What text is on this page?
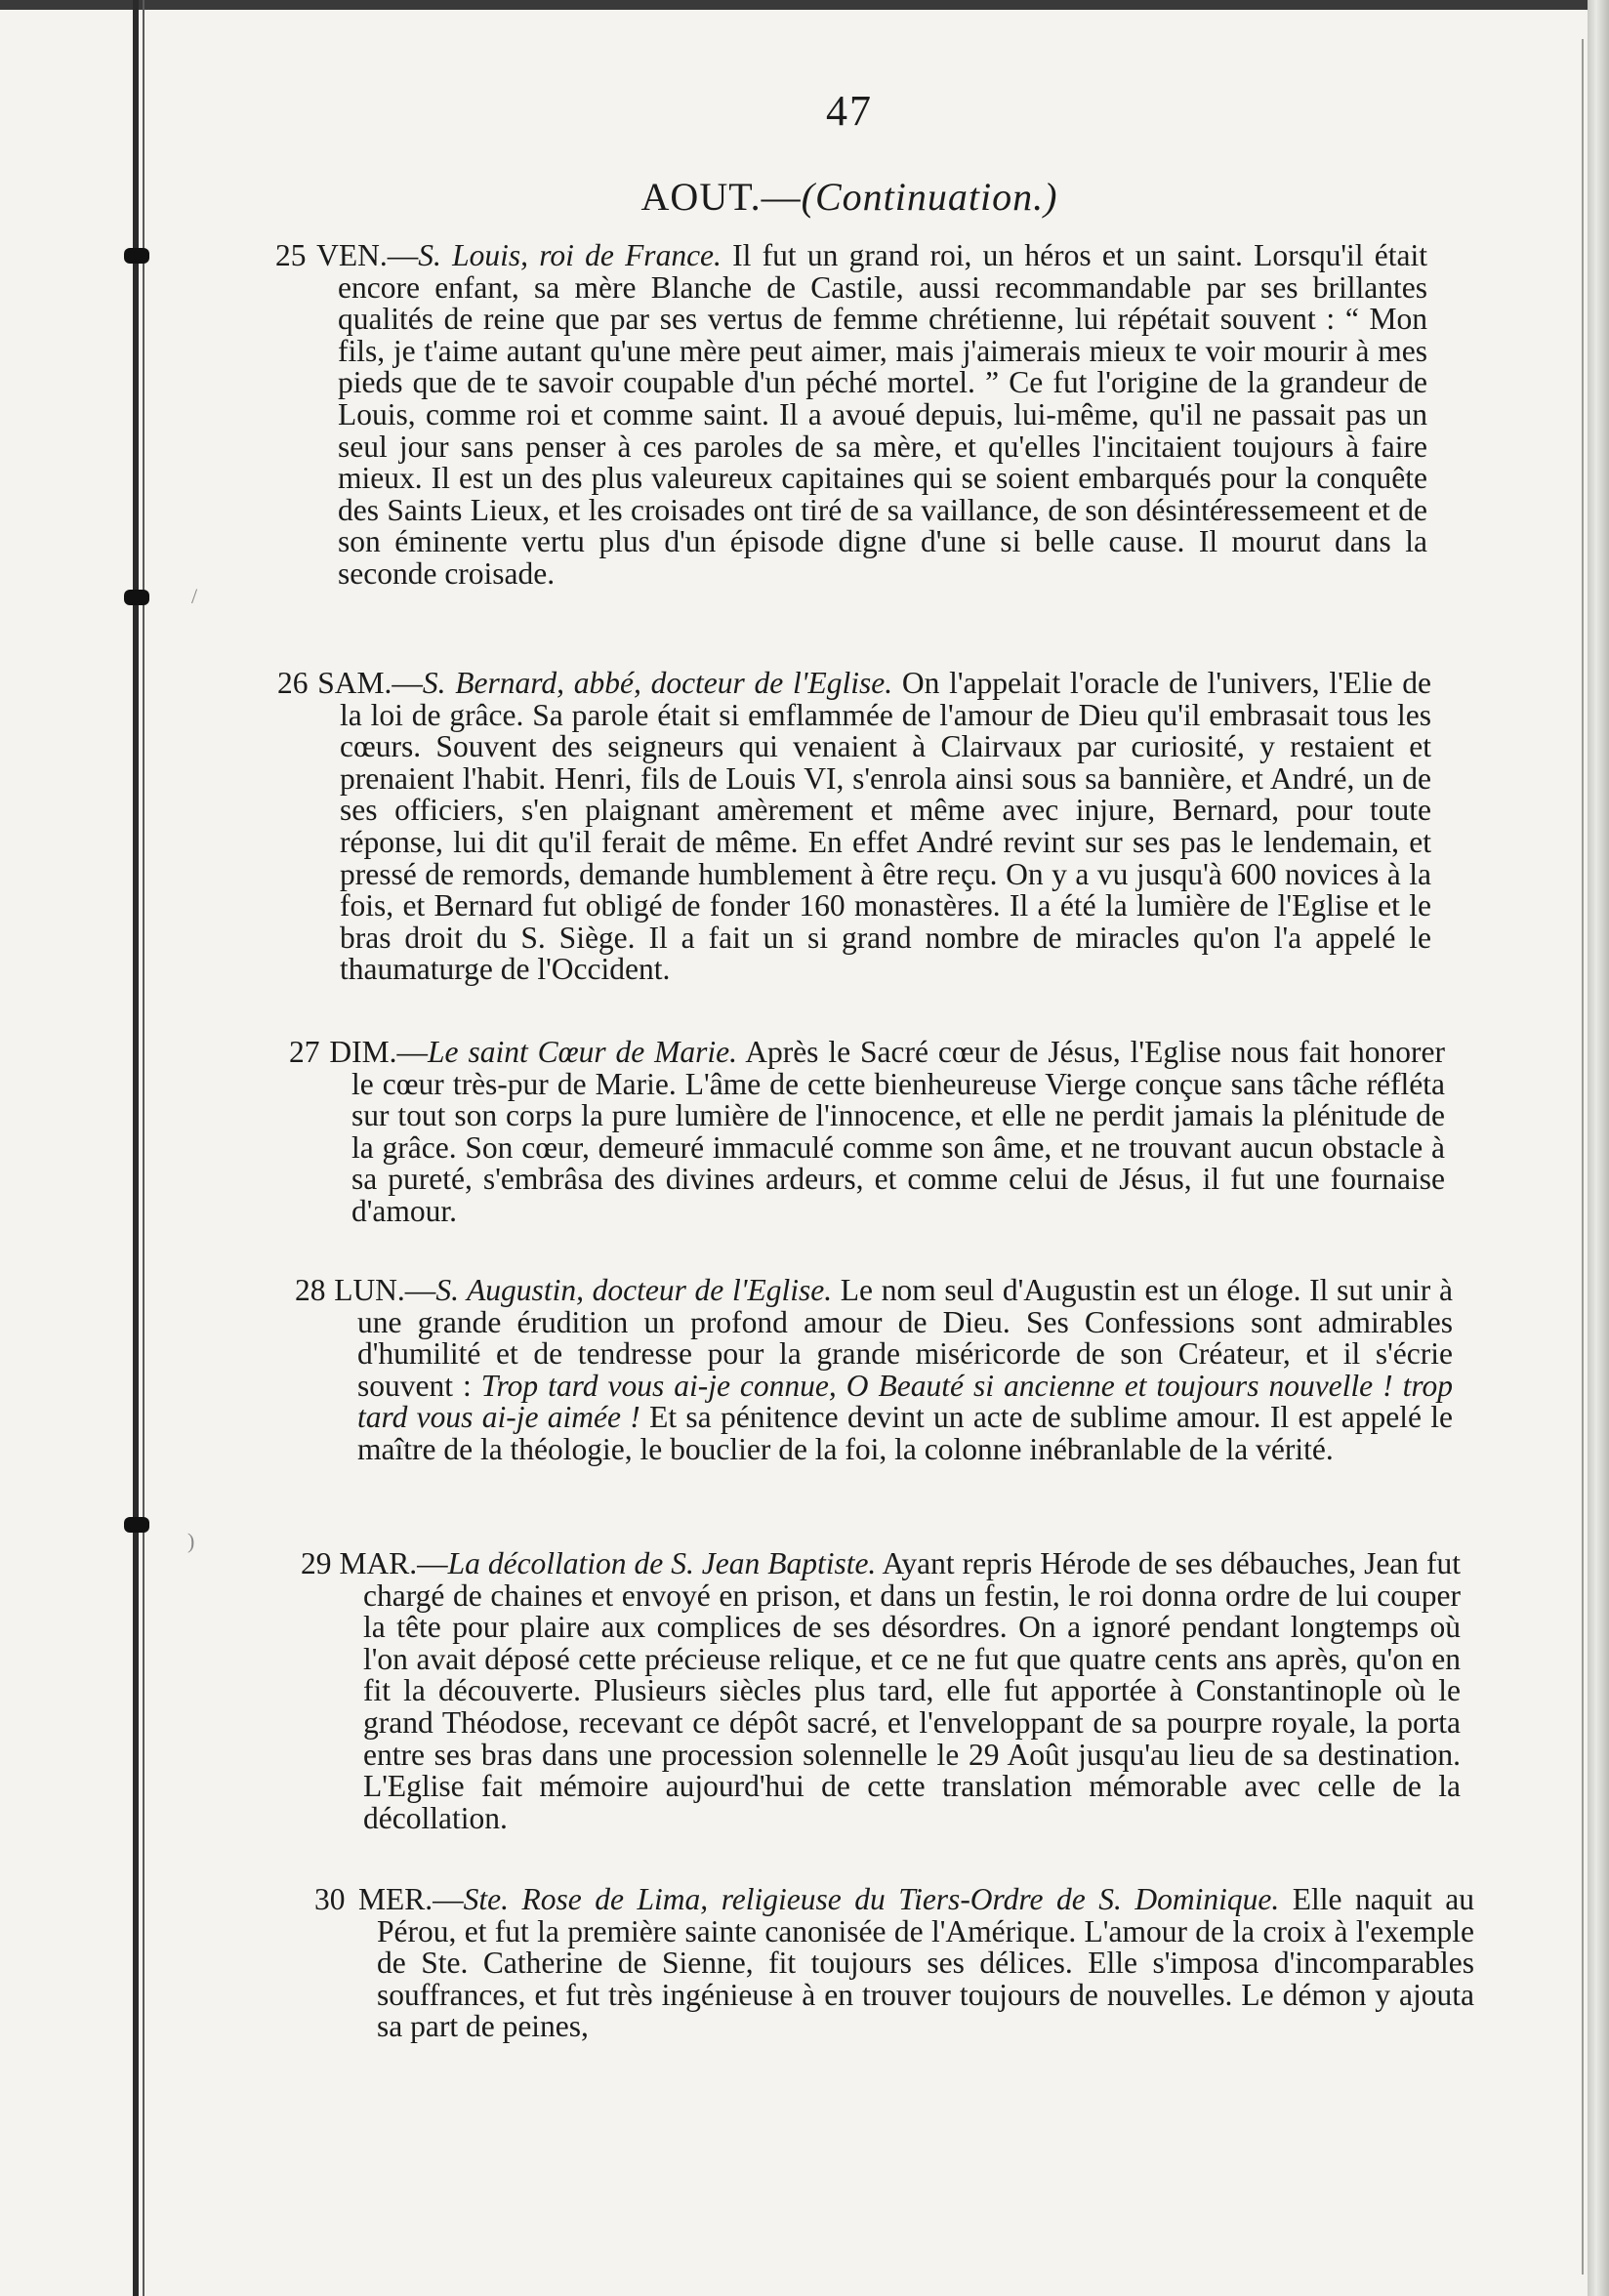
/
)
47
AOUT.—(Continuation.)
25 VEN.—S. Louis, roi de France. Il fut un grand roi, un héros et un saint. Lorsqu'il était encore enfant, sa mère Blanche de Castile, aussi recommandable par ses brillantes qualités de reine que par ses vertus de femme chrétienne, lui répétait souvent : “ Mon fils, je t'aime autant qu'une mère peut aimer, mais j'aimerais mieux te voir mourir à mes pieds que de te savoir coupable d'un péché mortel. ” Ce fut l'origine de la grandeur de Louis, comme roi et comme saint. Il a avoué depuis, lui-même, qu'il ne passait pas un seul jour sans penser à ces paroles de sa mère, et qu'elles l'incitaient toujours à faire mieux. Il est un des plus valeureux capitaines qui se soient embarqués pour la conquête des Saints Lieux, et les croisades ont tiré de sa vaillance, de son désintéressemeent et de son éminente vertu plus d'un épisode digne d'une si belle cause. Il mourut dans la seconde croisade.
26 SAM.—S. Bernard, abbé, docteur de l'Eglise. On l'appelait l'oracle de l'univers, l'Elie de la loi de grâce. Sa parole était si emflammée de l'amour de Dieu qu'il embrasait tous les cœurs. Souvent des seigneurs qui venaient à Clairvaux par curiosité, y restaient et prenaient l'habit. Henri, fils de Louis VI, s'enrola ainsi sous sa bannière, et André, un de ses officiers, s'en plaignant amèrement et même avec injure, Bernard, pour toute réponse, lui dit qu'il ferait de même. En effet André revint sur ses pas le lendemain, et pressé de remords, demande humblement à être reçu. On y a vu jusqu'à 600 novices à la fois, et Bernard fut obligé de fonder 160 monastères. Il a été la lumière de l'Eglise et le bras droit du S. Siège. Il a fait un si grand nombre de miracles qu'on l'a appelé le thaumaturge de l'Occident.
27 DIM.—Le saint Cœur de Marie. Après le Sacré cœur de Jésus, l'Eglise nous fait honorer le cœur très-pur de Marie. L'âme de cette bienheureuse Vierge conçue sans tâche réfléta sur tout son corps la pure lumière de l'innocence, et elle ne perdit jamais la plénitude de la grâce. Son cœur, demeuré immaculé comme son âme, et ne trouvant aucun obstacle à sa pureté, s'embrâsa des divines ardeurs, et comme celui de Jésus, il fut une fournaise d'amour.
28 LUN.—S. Augustin, docteur de l'Eglise. Le nom seul d'Augustin est un éloge. Il sut unir à une grande érudition un profond amour de Dieu. Ses Confessions sont admirables d'humilité et de tendresse pour la grande miséricorde de son Créateur, et il s'écrie souvent : Trop tard vous ai-je connue, O Beauté si ancienne et toujours nouvelle ! trop tard vous ai-je aimée ! Et sa pénitence devint un acte de sublime amour. Il est appelé le maître de la théologie, le bouclier de la foi, la colonne inébranlable de la vérité.
29 MAR.—La décollation de S. Jean Baptiste. Ayant repris Hérode de ses débauches, Jean fut chargé de chaines et envoyé en prison, et dans un festin, le roi donna ordre de lui couper la tête pour plaire aux complices de ses désordres. On a ignoré pendant longtemps où l'on avait déposé cette précieuse relique, et ce ne fut que quatre cents ans après, qu'on en fit la découverte. Plusieurs siècles plus tard, elle fut apportée à Constantinople où le grand Théodose, recevant ce dépôt sacré, et l'enveloppant de sa pourpre royale, la porta entre ses bras dans une procession solennelle le 29 Août jusqu'au lieu de sa destination. L'Eglise fait mémoire aujourd'hui de cette translation mémorable avec celle de la décollation.
30 MER.—Ste. Rose de Lima, religieuse du Tiers-Ordre de S. Dominique. Elle naquit au Pérou, et fut la première sainte canonisée de l'Amérique. L'amour de la croix à l'exemple de Ste. Catherine de Sienne, fit toujours ses délices. Elle s'imposa d'incomparables souffrances, et fut très ingénieuse à en trouver toujours de nouvelles. Le démon y ajouta sa part de peines,
